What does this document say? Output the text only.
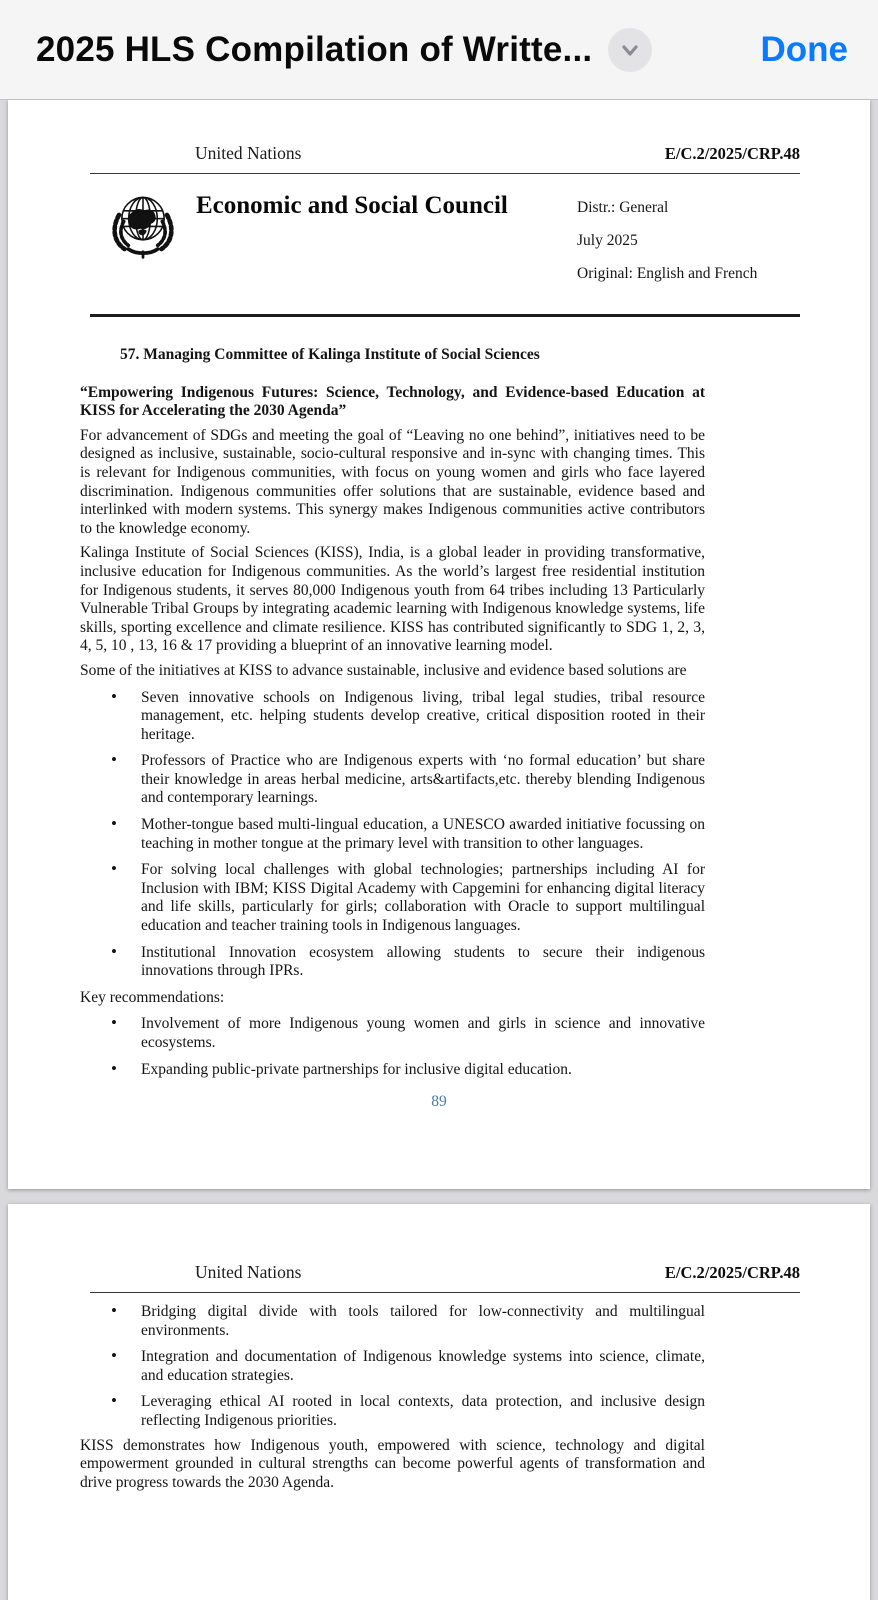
2025 HLS Compilation of Writte...	Done
United Nations	E/C.2/2025/CRP.48
Economic and Social Council	Distr.: General
July 2025
Original: English and French
57. Managing Committee of Kalinga Institute of Social Sciences
“Empowering Indigenous Futures: Science, Technology, and Evidence-based Education at KISS for Accelerating the 2030 Agenda”

For advancement of SDGs and meeting the goal of “Leaving no one behind”, initiatives need to be designed as inclusive, sustainable, socio-cultural responsive and in-sync with changing times. This is relevant for Indigenous communities, with focus on young women and girls who face layered discrimination. Indigenous communities offer solutions that are sustainable, evidence based and interlinked with modern systems. This synergy makes Indigenous communities active contributors to the knowledge economy.

Kalinga Institute of Social Sciences (KISS), India, is a global leader in providing transformative, inclusive education for Indigenous communities. As the world’s largest free residential institution for Indigenous students, it serves 80,000 Indigenous youth from 64 tribes including 13 Particularly Vulnerable Tribal Groups by integrating academic learning with Indigenous knowledge systems, life skills, sporting excellence and climate resilience. KISS has contributed significantly to SDG 1, 2, 3, 4, 5, 10 , 13, 16 & 17 providing a blueprint of an innovative learning model.

Some of the initiatives at KISS to advance sustainable, inclusive and evidence based solutions are

• Seven innovative schools on Indigenous living, tribal legal studies, tribal resource management, etc. helping students develop creative, critical disposition rooted in their heritage.
• Professors of Practice who are Indigenous experts with ‘no formal education’ but share their knowledge in areas herbal medicine, arts&artifacts,etc. thereby blending Indigenous and contemporary learnings.
• Mother-tongue based multi-lingual education, a UNESCO awarded initiative focussing on teaching in mother tongue at the primary level with transition to other languages.
• For solving local challenges with global technologies; partnerships including AI for Inclusion with IBM; KISS Digital Academy with Capgemini for enhancing digital literacy and life skills, particularly for girls; collaboration with Oracle to support multilingual education and teacher training tools in Indigenous languages.
• Institutional Innovation ecosystem allowing students to secure their indigenous innovations through IPRs.

Key recommendations:

• Involvement of more Indigenous young women and girls in science and innovative ecosystems.
• Expanding public-private partnerships for inclusive digital education.
89
United Nations	E/C.2/2025/CRP.48
• Bridging digital divide with tools tailored for low-connectivity and multilingual environments.
• Integration and documentation of Indigenous knowledge systems into science, climate, and education strategies.
• Leveraging ethical AI rooted in local contexts, data protection, and inclusive design reflecting Indigenous priorities.

KISS demonstrates how Indigenous youth, empowered with science, technology and digital empowerment grounded in cultural strengths can become powerful agents of transformation and drive progress towards the 2030 Agenda.
